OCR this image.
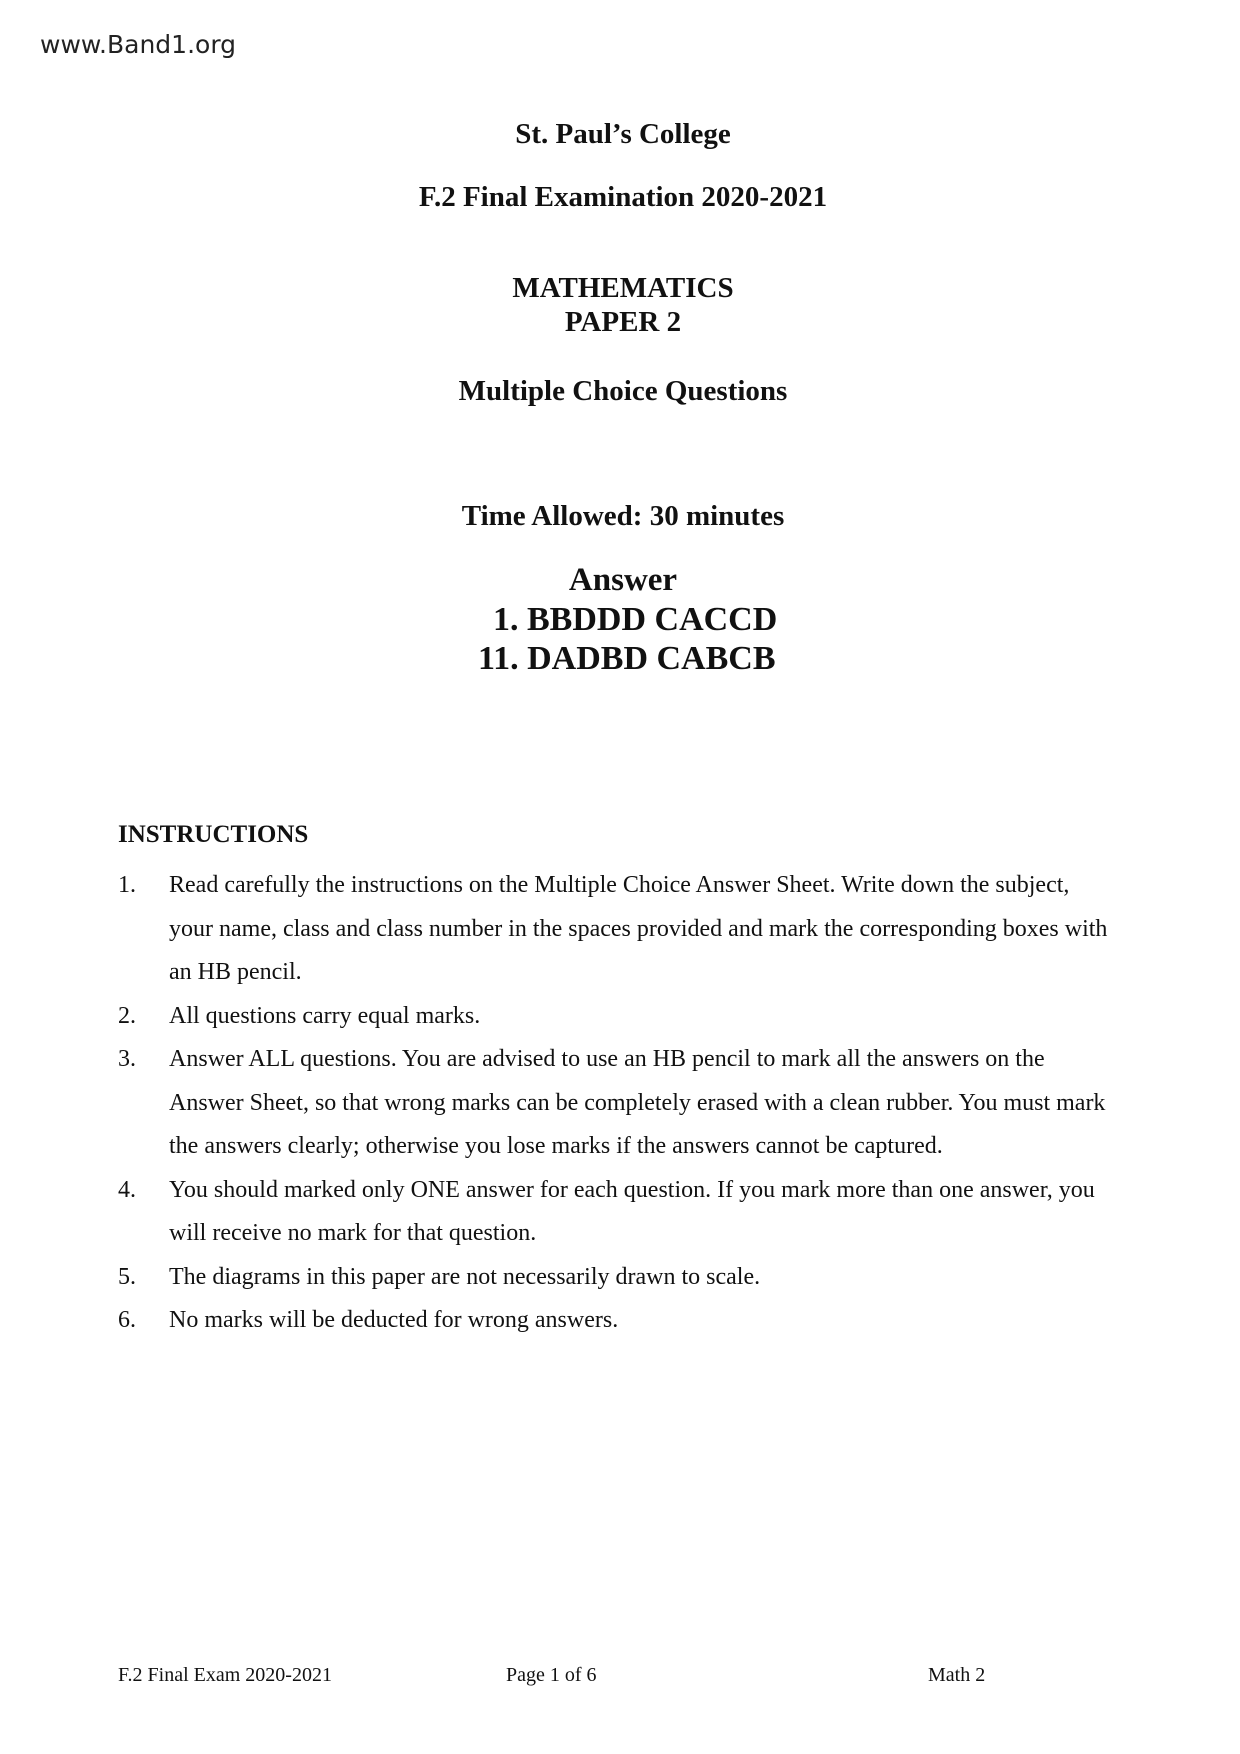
www.Band1.org
St. Paul’s College
F.2 Final Examination 2020-2021
MATHEMATICS
PAPER 2
Multiple Choice Questions
Time Allowed: 30 minutes
Answer
1. BBDDD CACCD
11. DADBD CABCB
INSTRUCTIONS
1. Read carefully the instructions on the Multiple Choice Answer Sheet. Write down the subject, your name, class and class number in the spaces provided and mark the corresponding boxes with an HB pencil.
2. All questions carry equal marks.
3. Answer ALL questions. You are advised to use an HB pencil to mark all the answers on the Answer Sheet, so that wrong marks can be completely erased with a clean rubber. You must mark the answers clearly; otherwise you lose marks if the answers cannot be captured.
4. You should marked only ONE answer for each question. If you mark more than one answer, you will receive no mark for that question.
5. The diagrams in this paper are not necessarily drawn to scale.
6. No marks will be deducted for wrong answers.
F.2 Final Exam 2020-2021	Page 1 of 6	Math 2
